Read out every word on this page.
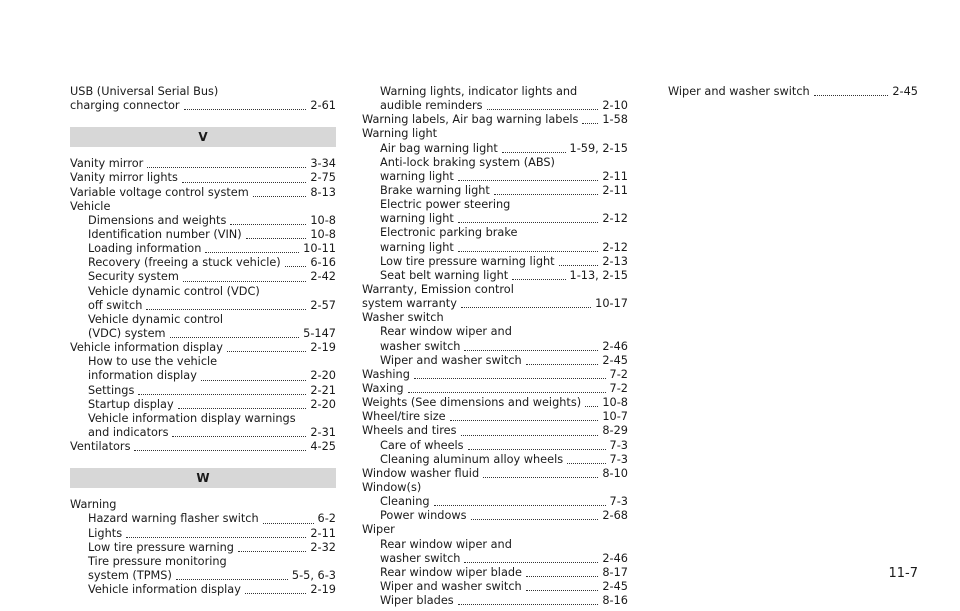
USB (Universal Serial Bus)
charging connector	2-61
V
Vanity mirror	3-34
Vanity mirror lights	2-75
Variable voltage control system	8-13
Vehicle
Dimensions and weights	10-8
Identification number (VIN)	10-8
Loading information	10-11
Recovery (freeing a stuck vehicle)	6-16
Security system	2-42
Vehicle dynamic control (VDC)
off switch	2-57
Vehicle dynamic control
(VDC) system	5-147
Vehicle information display	2-19
How to use the vehicle
information display	2-20
Settings	2-21
Startup display	2-20
Vehicle information display warnings
and indicators	2-31
Ventilators	4-25
W
Warning
Hazard warning flasher switch	6-2
Lights	2-11
Low tire pressure warning	2-32
Tire pressure monitoring
system (TPMS)	5-5, 6-3
Vehicle information display	2-19
Warning lights, indicator lights and
audible reminders	2-10
Warning labels, Air bag warning labels 1-58
Warning light
Air bag warning light	1-59, 2-15
Anti-lock braking system (ABS)
warning light	2-11
Brake warning light	2-11
Electric power steering
warning light	2-12
Electronic parking brake
warning light	2-12
Low tire pressure warning light	2-13
Seat belt warning light	1-13, 2-15
Warranty, Emission control
system warranty	10-17
Washer switch
Rear window wiper and
washer switch	2-46
Wiper and washer switch	2-45
Washing	7-2
Waxing	7-2
Weights (See dimensions and weights) 10-8
Wheel/tire size	10-7
Wheels and tires	8-29
Care of wheels	7-3
Cleaning aluminum alloy wheels	7-3
Window washer fluid	8-10
Window(s)
Cleaning	7-3
Power windows	2-68
Wiper
Rear window wiper and
washer switch	2-46
Rear window wiper blade	8-17
Wiper and washer switch	2-45
Wiper blades	8-16
Wiper and washer switch	2-45
11-7
